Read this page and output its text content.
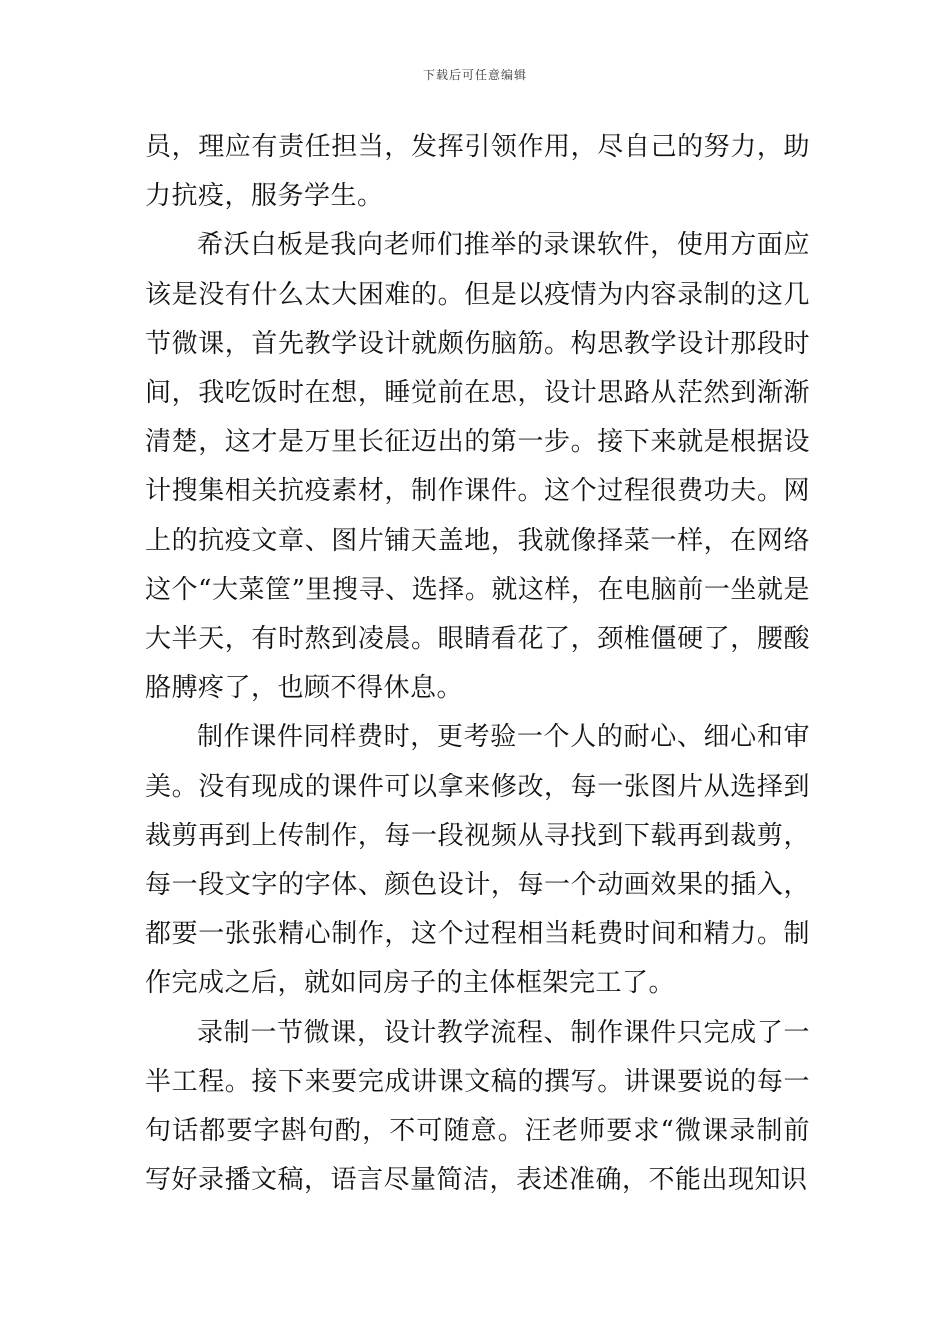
下载后可任意编辑

员，理应有责任担当，发挥引领作用，尽自己的努力，助力抗疫，服务学生。

希沃白板是我向老师们推举的录课软件，使用方面应该是没有什么太大困难的。但是以疫情为内容录制的这几节微课，首先教学设计就颇伤脑筋。构思教学设计那段时间，我吃饭时在想，睡觉前在思，设计思路从茫然到渐渐清楚，这才是万里长征迈出的第一步。接下来就是根据设计搜集相关抗疫素材，制作课件。这个过程很费功夫。网上的抗疫文章、图片铺天盖地，我就像择菜一样，在网络这个“大菜筐”里搜寻、选择。就这样，在电脑前一坐就是大半天，有时熬到凌晨。眼睛看花了，颈椎僵硬了，腰酸胳膊疼了，也顾不得休息。

制作课件同样费时，更考验一个人的耐心、细心和审美。没有现成的课件可以拿来修改，每一张图片从选择到裁剪再到上传制作，每一段视频从寻找到下载再到裁剪，每一段文字的字体、颜色设计，每一个动画效果的插入，都要一张张精心制作，这个过程相当耗费时间和精力。制作完成之后，就如同房子的主体框架完工了。

录制一节微课，设计教学流程、制作课件只完成了一半工程。接下来要完成讲课文稿的撰写。讲课要说的每一句话都要字斟句酌，不可随意。汪老师要求“微课录制前写好录播文稿，语言尽量简洁，表述准确，不能出现知识
